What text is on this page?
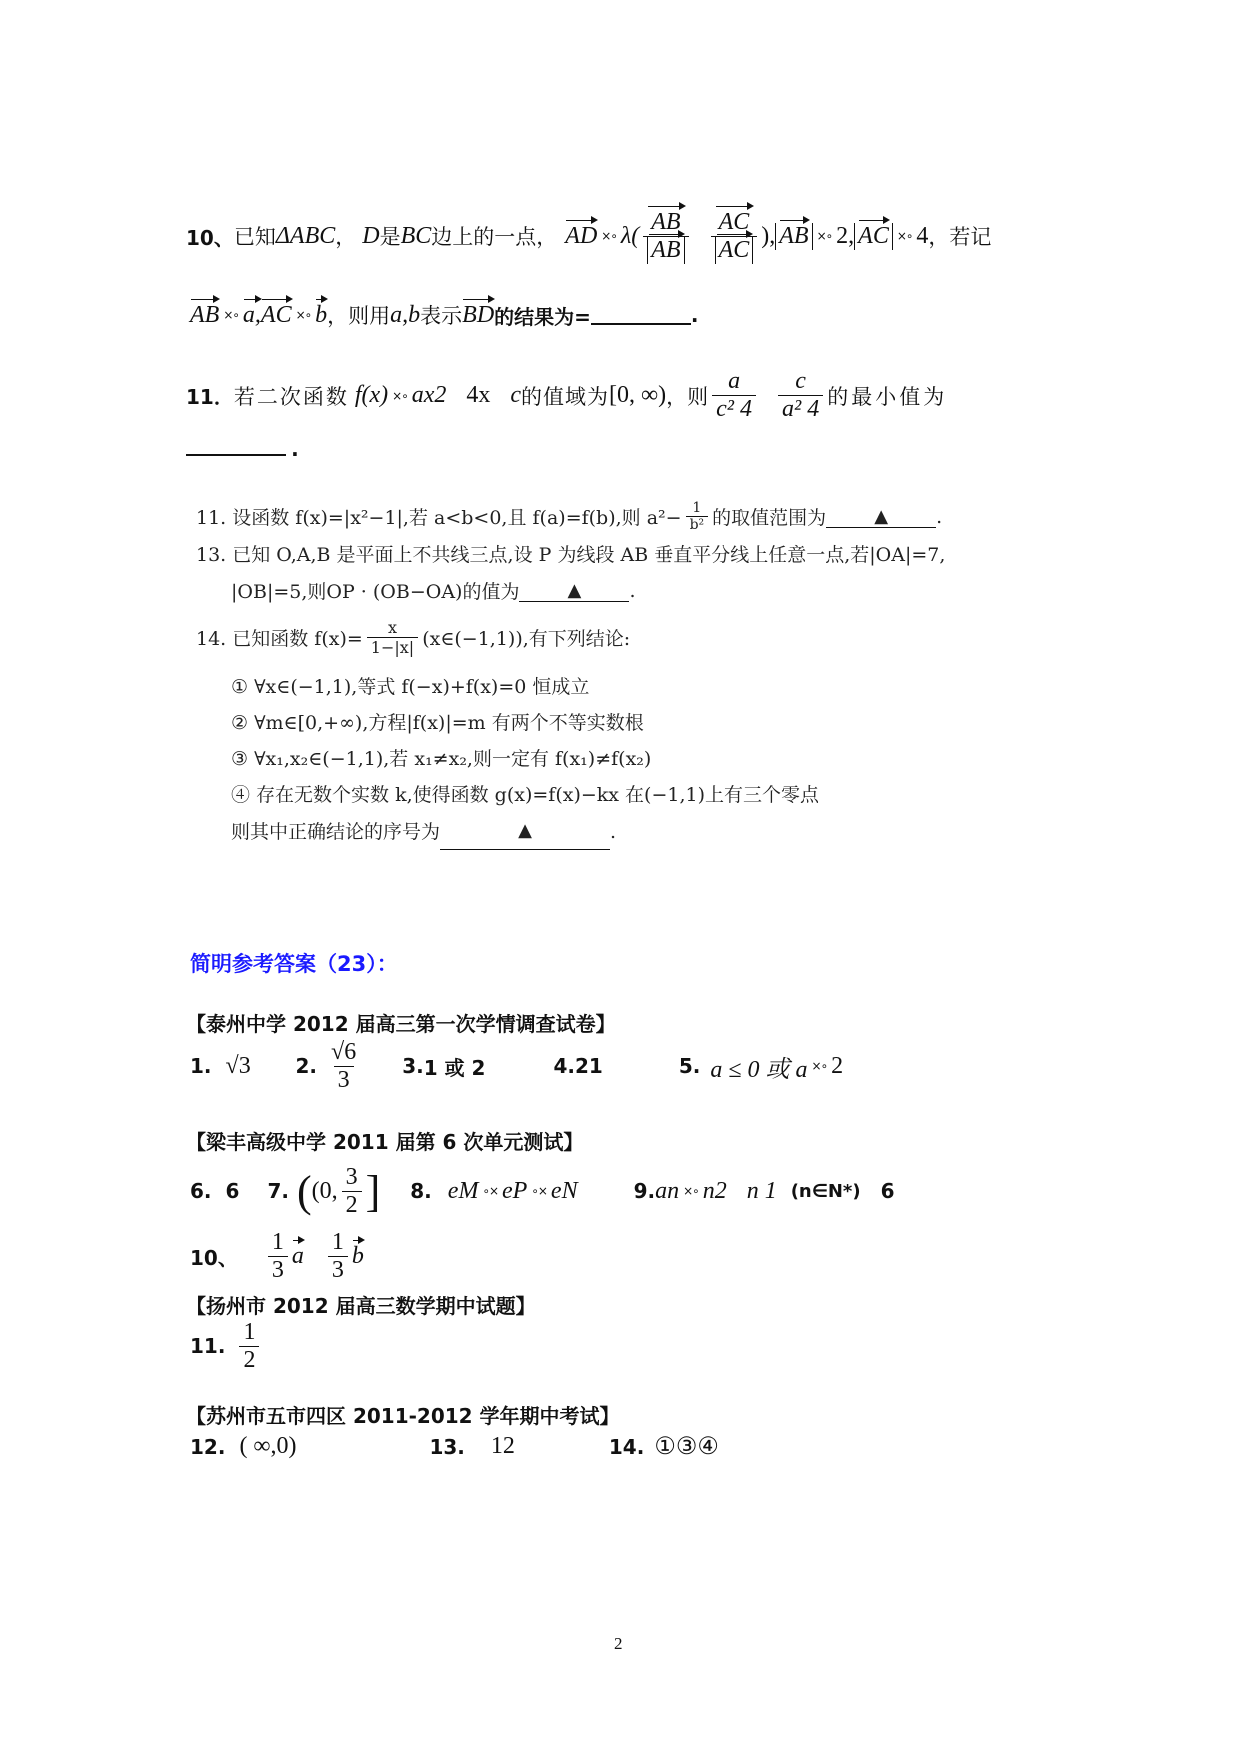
10、 已知 ΔABC ， D 是 BC 边上的一点， AD ×∘ $\lambda( \frac{AB}{AB} \frac{AC}{AC}$ ), AB ×∘ 2, AC ×∘ 4 ，若记
AB ×∘ a, AC ×∘ b ，则用 a,b 表示 BD 的结果为=	.
11． 若二次函数 f(x) ×∘ ax 2 4x c 的值域为 [0, ∞) ，则 $\frac{a}{\text{c² 4}} \frac{c}{\text{a² 4}}$ 的最小值为
.
11. 设函数 f(x)=|x²−1|,若 a<b<0,且 f(a)=f(b),则 $a^2- \frac{1}{\text{b²}}$ 的取值范围为	▲	.
13. 已知 O,A,B 是平面上不共线三点,设 P 为线段 AB 垂直平分线上任意一点,若|OA|=7,
|OB|=5,则OP · (OB−OA)的值为	▲	.
14. 已知函数 $f(x)= \frac{x}{1-|x|}$ (x∈(−1,1)),有下列结论:
① ∀x∈(−1,1),等式 f(−x)+f(x)=0 恒成立
② ∀m∈[0,+∞),方程|f(x)|=m 有两个不等实数根
③ ∀x₁,x₂∈(−1,1),若 x₁≠x₂,则一定有 f(x₁)≠f(x₂)
④ 存在无数个实数 k,使得函数 g(x)=f(x)−kx 在(−1,1)上有三个零点
则其中正确结论的序号为	▲	.
简明参考答案（23）：
【泰州中学 2012 届高三第一次学情调查试卷】
1. √3	2. $\frac{√6}{3} 3$. 1 或 2	4. 21	5. a ≤ 0 或 a ×∘ 2
【梁丰高级中学 2011 届第 6 次单元测试】
6. 6 7. ( (0, $\frac{3}{2}$ ] 8. e M ∘× e P ∘× e N	9. a n ×∘ n 2 n 1 (n∈N*) 6
10、 $\frac{1}{3}$ a $\frac{1}{3}$ b
【扬州市 2012 届高三数学期中试题】
11. $\frac{1}{2}$
【苏州市五市四区 2011-2012 学年期中考试】
12. ( ∞,0)	13. 12	14. ①③④
2
